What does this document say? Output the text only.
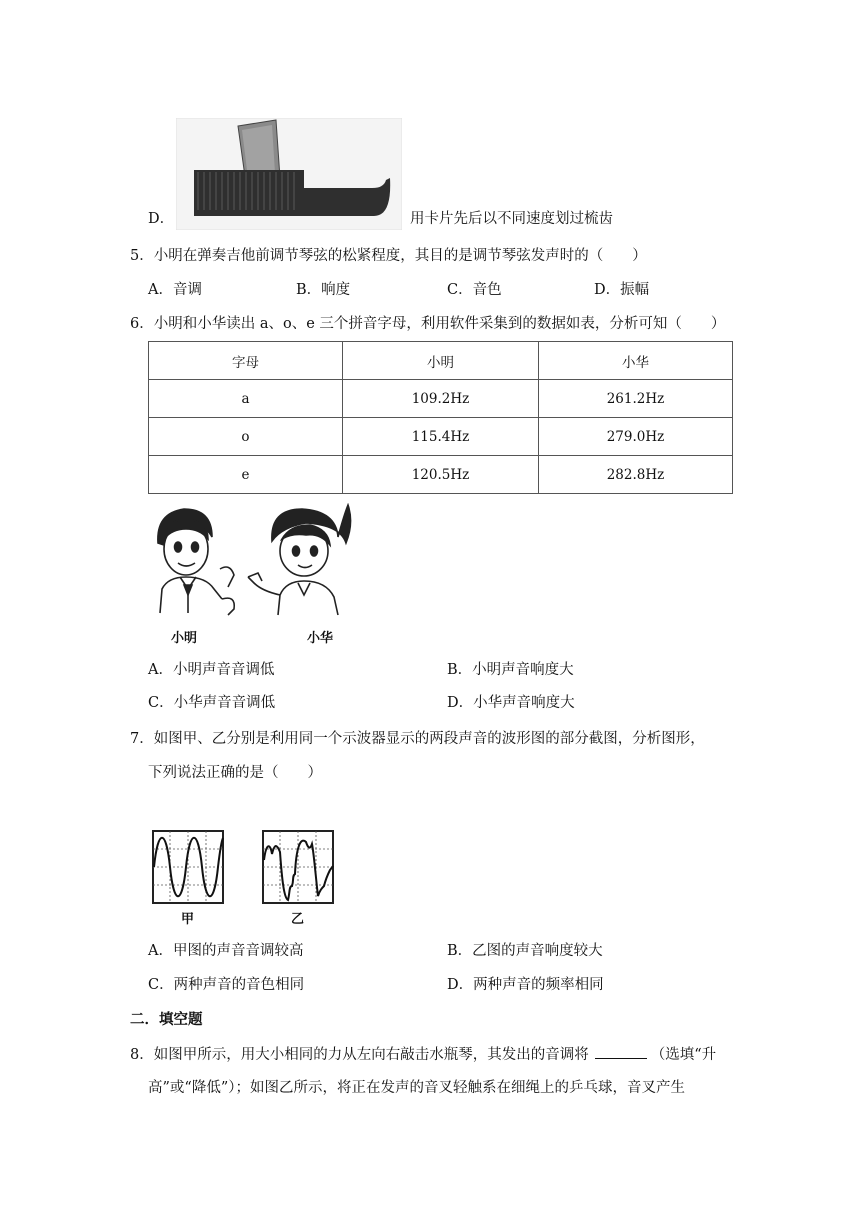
D．	用卡片先后以不同速度划过梳齿
5．小明在弹奏吉他前调节琴弦的松紧程度，其目的是调节琴弦发声时的（　　）
A．音调	B．响度	C．音色	D．振幅
6．小明和小华读出 a、o、e 三个拼音字母，利用软件采集到的数据如表，分析可知（　　）
字母	小明	小华
a	109.2Hz	261.2Hz
o	115.4Hz	279.0Hz
e	120.5Hz	282.8Hz
小明	小华
A．小明声音音调低	B．小明声音响度大
C．小华声音音调低	D．小华声音响度大
7．如图甲、乙分别是利用同一个示波器显示的两段声音的波形图的部分截图，分析图形，
下列说法正确的是（　　）
甲	乙
A．甲图的声音音调较高	B．乙图的声音响度较大
C．两种声音的音色相同	D．两种声音的频率相同
二．填空题
8．如图甲所示，用大小相同的力从左向右敲击水瓶琴，其发出的音调将	（选填“升
高”或“降低”）；如图乙所示，将正在发声的音叉轻触系在细绳上的乒乓球，音叉产生
